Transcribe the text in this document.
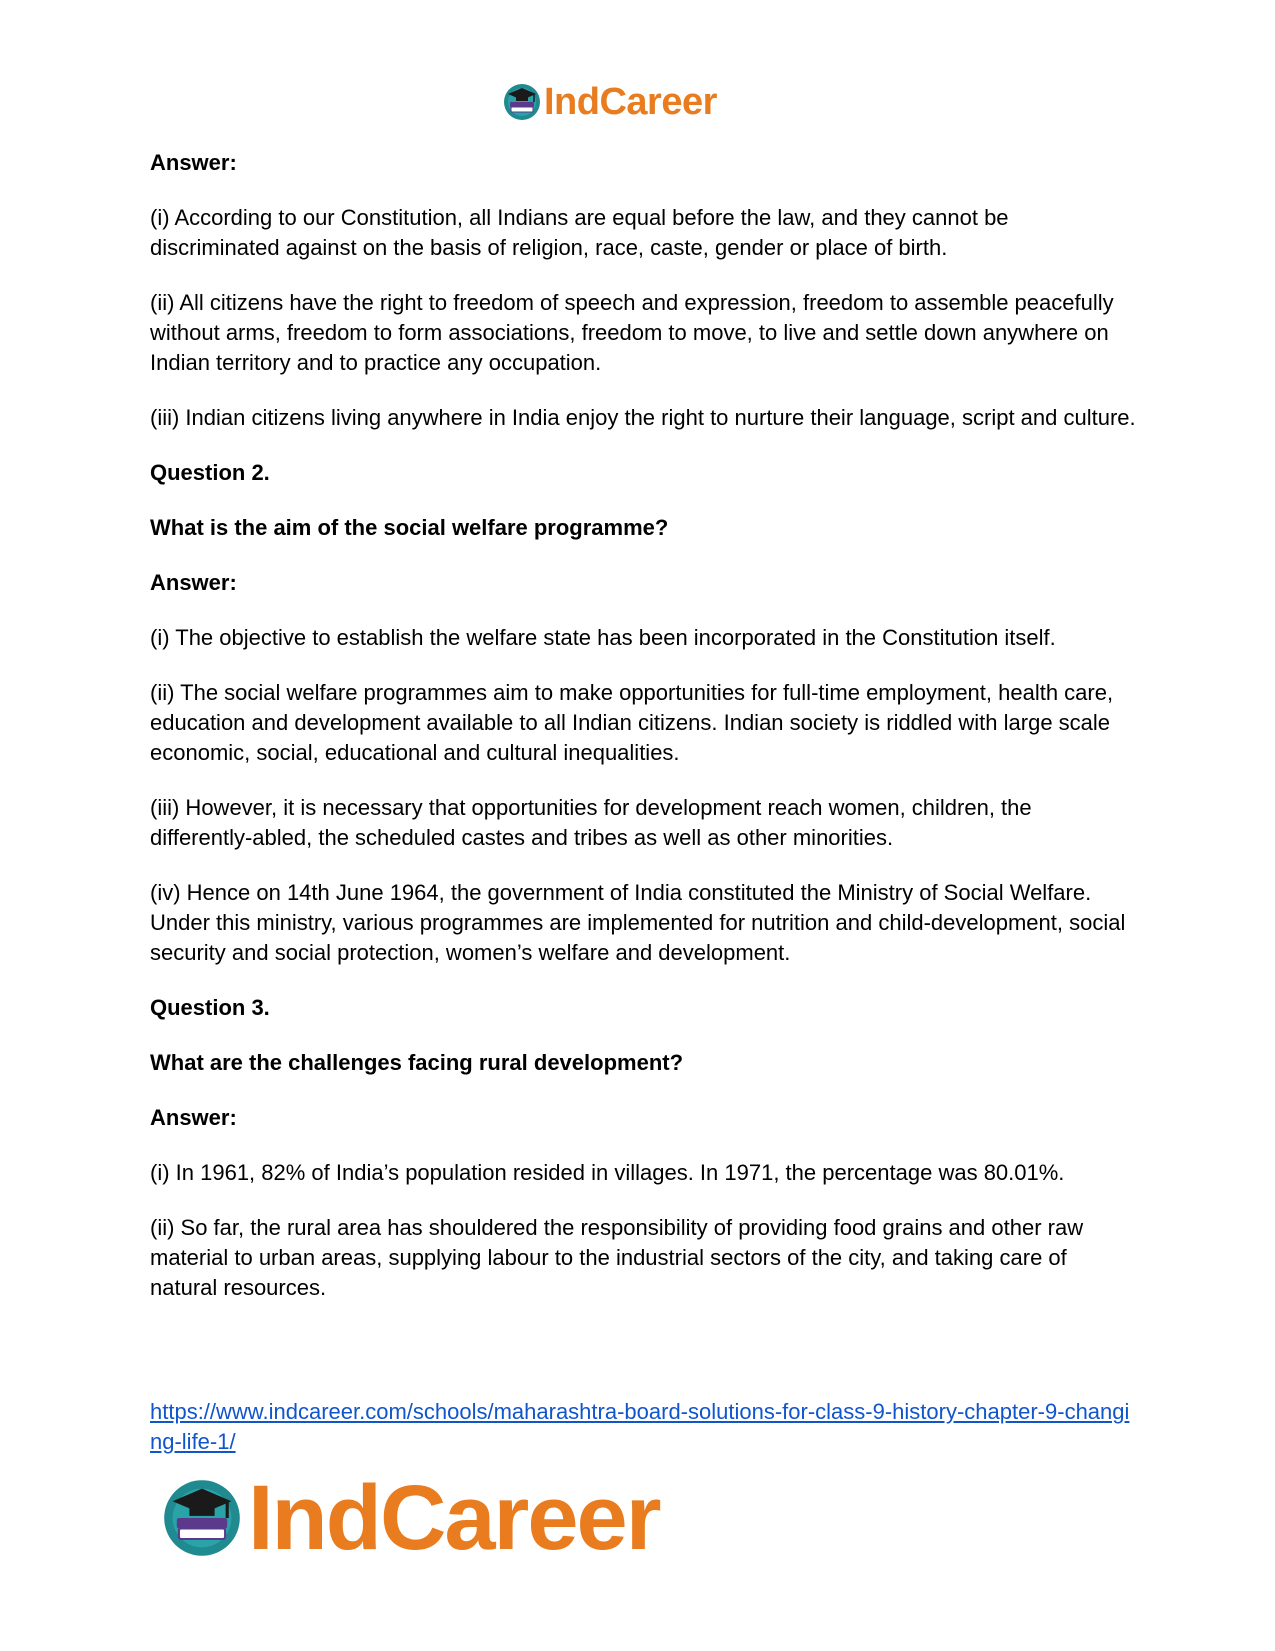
IndCareer

Answer:

(i) According to our Constitution, all Indians are equal before the law, and they cannot be discriminated against on the basis of religion, race, caste, gender or place of birth.

(ii) All citizens have the right to freedom of speech and expression, freedom to assemble peacefully without arms, freedom to form associations, freedom to move, to live and settle down anywhere on Indian territory and to practice any occupation.

(iii) Indian citizens living anywhere in India enjoy the right to nurture their language, script and culture.

Question 2.

What is the aim of the social welfare programme?

Answer:

(i) The objective to establish the welfare state has been incorporated in the Constitution itself.

(ii) The social welfare programmes aim to make opportunities for full-time employment, health care, education and development available to all Indian citizens. Indian society is riddled with large scale economic, social, educational and cultural inequalities.

(iii) However, it is necessary that opportunities for development reach women, children, the differently-abled, the scheduled castes and tribes as well as other minorities.

(iv) Hence on 14th June 1964, the government of India constituted the Ministry of Social Welfare. Under this ministry, various programmes are implemented for nutrition and child-development, social security and social protection, women’s welfare and development.

Question 3.

What are the challenges facing rural development?

Answer:

(i) In 1961, 82% of India’s population resided in villages. In 1971, the percentage was 80.01%.

(ii) So far, the rural area has shouldered the responsibility of providing food grains and other raw material to urban areas, supplying labour to the industrial sectors of the city, and taking care of natural resources.

https://www.indcareer.com/schools/maharashtra-board-solutions-for-class-9-history-chapter-9-changing-life-1/
IndCareer
